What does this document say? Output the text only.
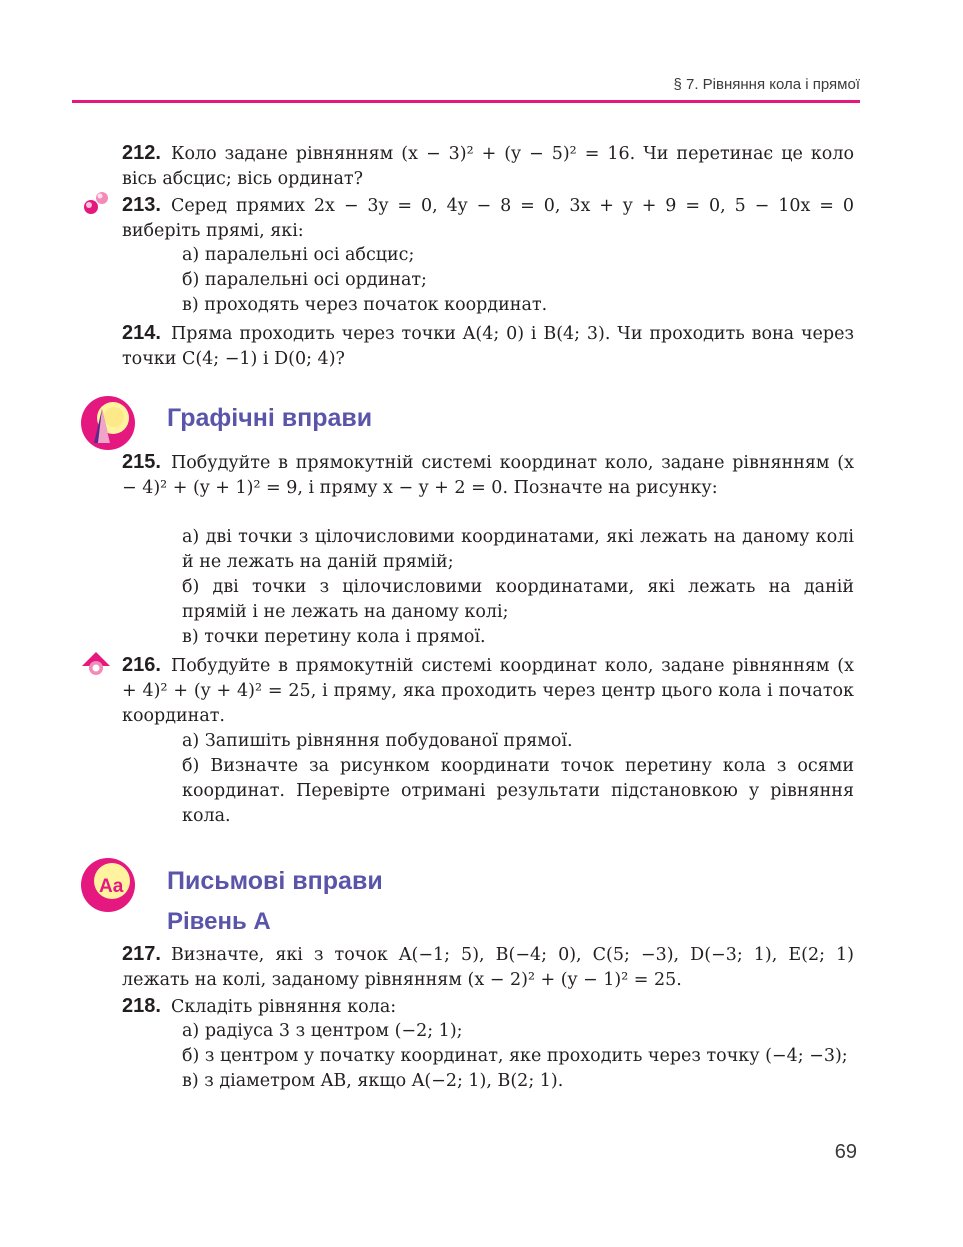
§ 7. Рівняння кола і прямої

212. Коло задане рівнянням (x − 3)² + (y − 5)² = 16. Чи перетинає це коло вісь абсцис; вісь ординат?

213. Серед прямих 2x − 3y = 0, 4y − 8 = 0, 3x + y + 9 = 0, 5 − 10x = 0 виберіть прямі, які:

а) паралельні осі абсцис;

б) паралельні осі ординат;

в) проходять через початок координат.

214. Пряма проходить через точки A(4; 0) і B(4; 3). Чи проходить вона через точки C(4; −1) і D(0; 4)?

Графічні вправи

215. Побудуйте в прямокутній системі координат коло, задане рівнянням (x − 4)² + (y + 1)² = 9, і пряму x − y + 2 = 0. Позначте на рисунку:

а) дві точки з цілочисловими координатами, які лежать на даному колі й не лежать на даній прямій;

б) дві точки з цілочисловими координатами, які лежать на даній прямій і не лежать на даному колі;

в) точки перетину кола і прямої.

216. Побудуйте в прямокутній системі координат коло, задане рівнянням (x + 4)² + (y + 4)² = 25, і пряму, яка проходить через центр цього кола і початок координат.

а) Запишіть рівняння побудованої прямої.

б) Визначте за рисунком координати точок перетину кола з осями координат. Перевірте отримані результати підстановкою у рівняння кола.

Aa Письмові вправи
Рівень А

217. Визначте, які з точок A(−1; 5), B(−4; 0), C(5; −3), D(−3; 1), E(2; 1) лежать на колі, заданому рівнянням (x − 2)² + (y − 1)² = 25.

218. Складіть рівняння кола:

а) радіуса 3 з центром (−2; 1);

б) з центром у початку координат, яке проходить через точку (−4; −3);

в) з діаметром AB, якщо A(−2; 1), B(2; 1).

69
